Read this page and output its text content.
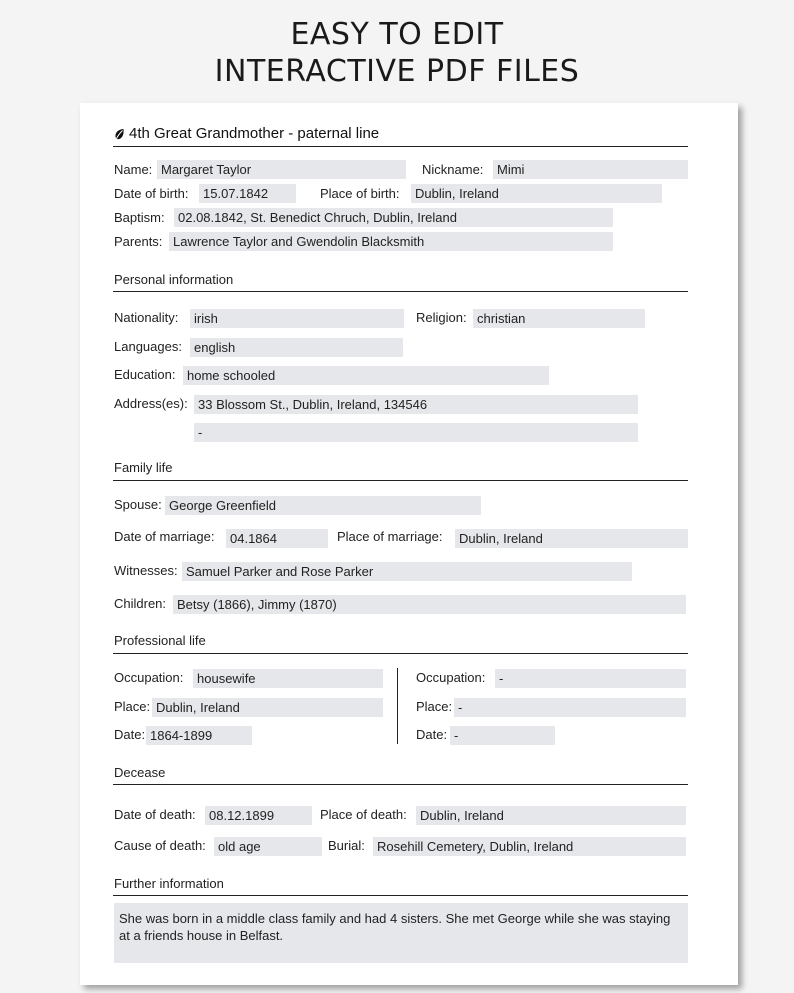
EASY TO EDIT
INTERACTIVE PDF FILES
4th Great Grandmother - paternal line
Name: Margaret Taylor	Nickname:	Mimi
Date of birth:	15.07.1842	Place of birth:	Dublin, Ireland
Baptism:	02.08.1842, St. Benedict Chruch, Dublin, Ireland
Parents: Lawrence Taylor and Gwendolin Blacksmith
Personal information
Nationality:	irish	Religion: christian
Languages: english
Education: home schooled
Address(es): 33 Blossom St., Dublin, Ireland, 134546
-
Family life
Spouse: George Greenfield
Date of marriage:	04.1864	Place of marriage:	Dublin, Ireland
Witnesses: Samuel Parker and Rose Parker
Children: Betsy (1866), Jimmy (1870)
Professional life
Occupation:	housewife
Place: Dublin, Ireland
Date: 1864-1899
Occupation:	-
Place: -
Date: -
Decease
Date of death:	08.12.1899	Place of death:	Dublin, Ireland
Cause of death: old age	Burial: Rosehill Cemetery, Dublin, Ireland
Further information
She was born in a middle class family and had 4 sisters. She met George while she was staying at a friends house in Belfast.
